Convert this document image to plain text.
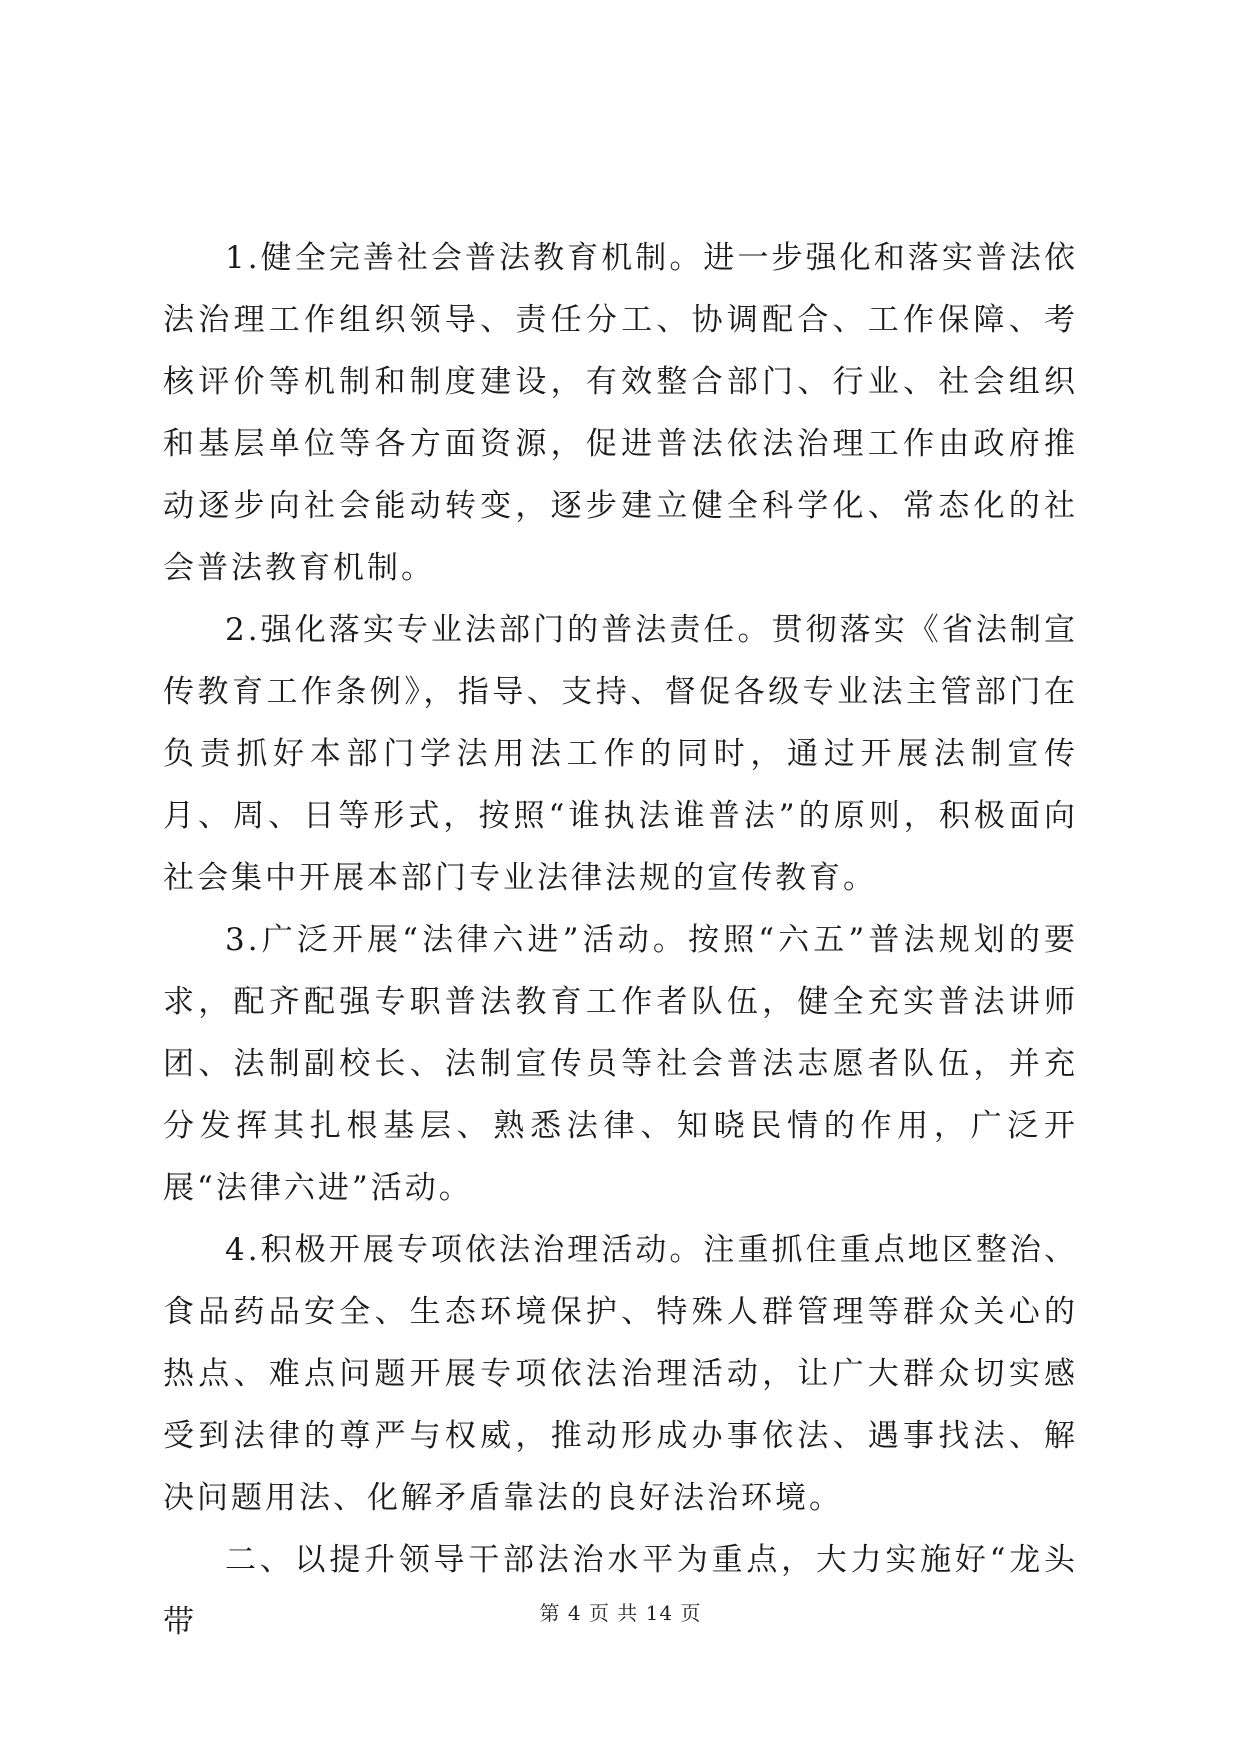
1.健全完善社会普法教育机制。进一步强化和落实普法依法治理工作组织领导、责任分工、协调配合、工作保障、考核评价等机制和制度建设，有效整合部门、行业、社会组织和基层单位等各方面资源，促进普法依法治理工作由政府推动逐步向社会能动转变，逐步建立健全科学化、常态化的社会普法教育机制。

2.强化落实专业法部门的普法责任。贯彻落实《省法制宣传教育工作条例》，指导、支持、督促各级专业法主管部门在负责抓好本部门学法用法工作的同时，通过开展法制宣传月、周、日等形式，按照“谁执法谁普法”的原则，积极面向社会集中开展本部门专业法律法规的宣传教育。

3.广泛开展“法律六进”活动。按照“六五”普法规划的要求，配齐配强专职普法教育工作者队伍，健全充实普法讲师团、法制副校长、法制宣传员等社会普法志愿者队伍，并充分发挥其扎根基层、熟悉法律、知晓民情的作用，广泛开展“法律六进”活动。

4.积极开展专项依法治理活动。注重抓住重点地区整治、食品药品安全、生态环境保护、特殊人群管理等群众关心的热点、难点问题开展专项依法治理活动，让广大群众切实感受到法律的尊严与权威，推动形成办事依法、遇事找法、解决问题用法、化解矛盾靠法的良好法治环境。

二、以提升领导干部法治水平为重点，大力实施好“龙头带	第 4 页 共 14 页
